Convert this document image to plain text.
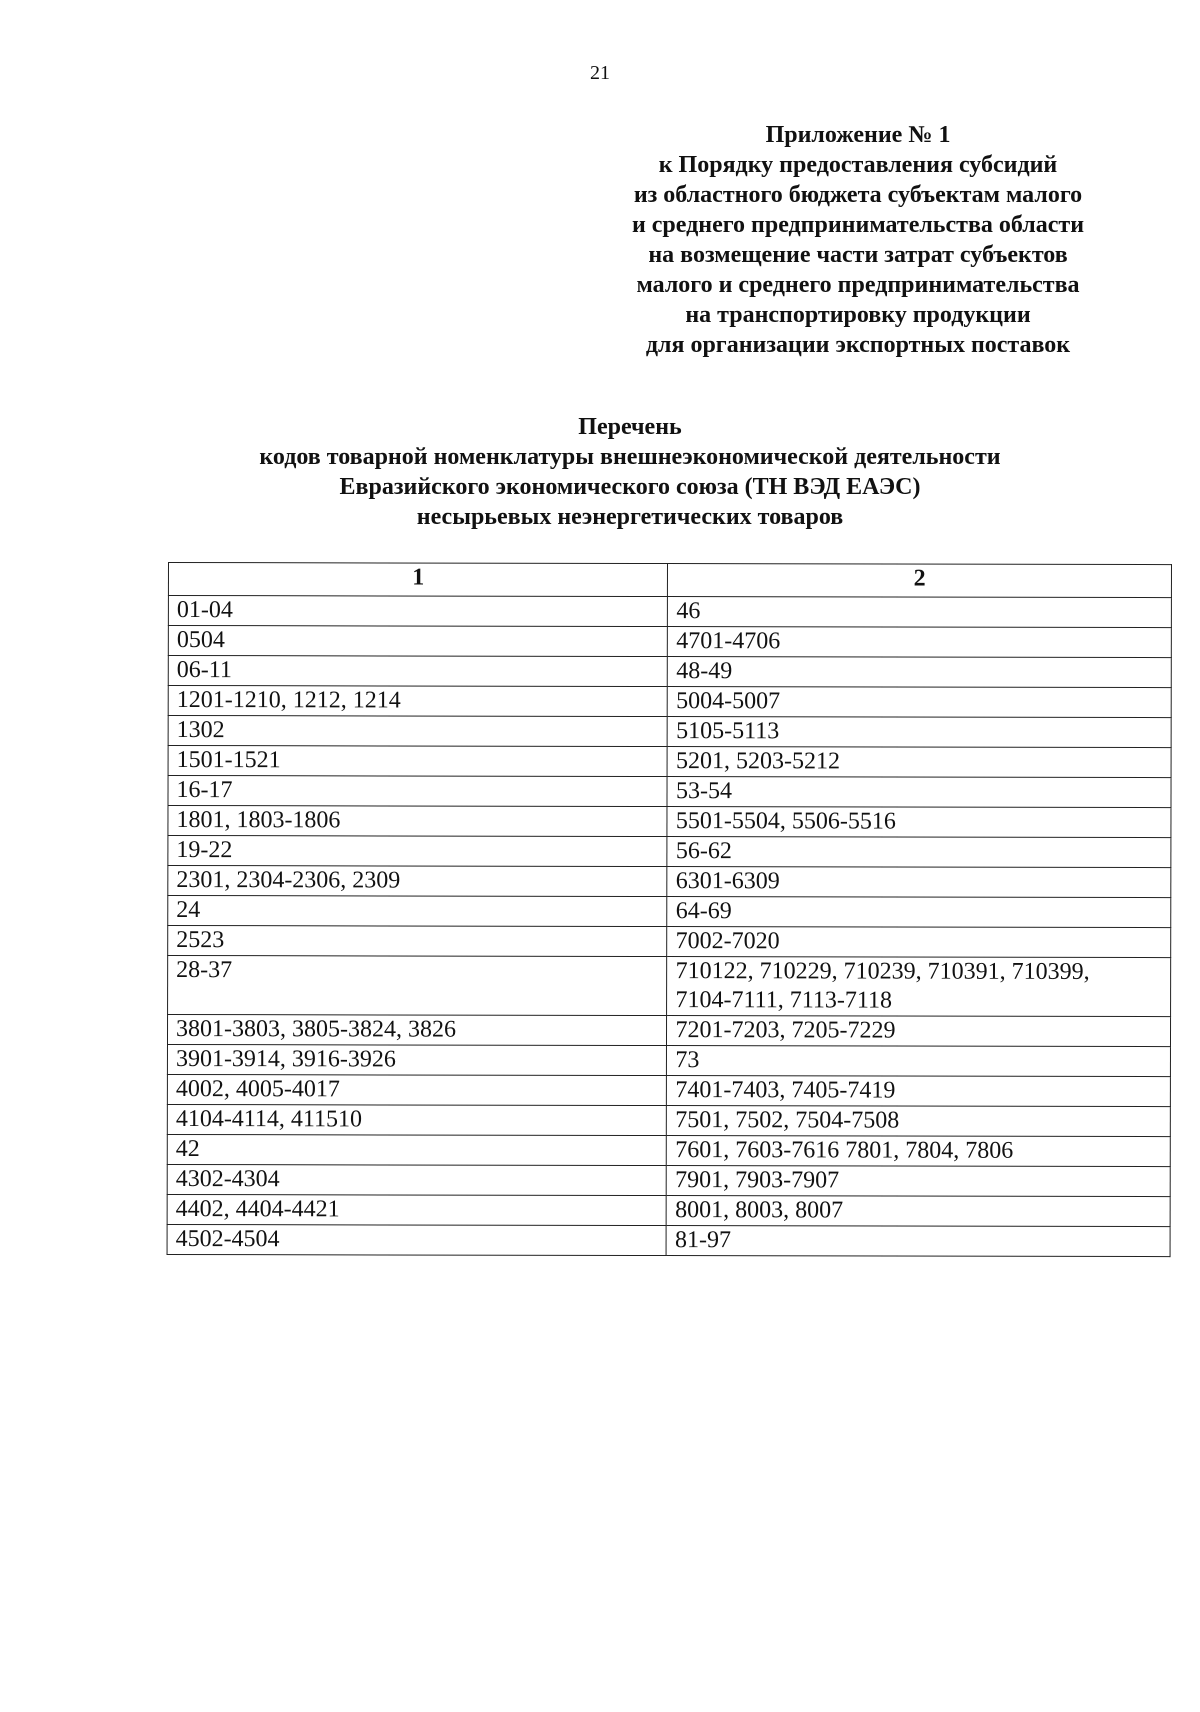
21
Приложение № 1
к Порядку предоставления субсидий
из областного бюджета субъектам малого
и среднего предпринимательства области
на возмещение части затрат субъектов
малого и среднего предпринимательства
на транспортировку продукции
для организации экспортных поставок
Перечень
кодов товарной номенклатуры внешнеэкономической деятельности
Евразийского экономического союза (ТН ВЭД ЕАЭС)
несырьевых неэнергетических товаров
1	2
01-04	46
0504	4701-4706
06-11	48-49
1201-1210, 1212, 1214	5004-5007
1302	5105-5113
1501-1521	5201, 5203-5212
16-17	53-54
1801, 1803-1806	5501-5504, 5506-5516
19-22	56-62
2301, 2304-2306, 2309	6301-6309
24	64-69
2523	7002-7020
28-37	710122, 710229, 710239, 710391, 710399,
7104-7111, 7113-7118
3801-3803, 3805-3824, 3826	7201-7203, 7205-7229
3901-3914, 3916-3926	73
4002, 4005-4017	7401-7403, 7405-7419
4104-4114, 411510	7501, 7502, 7504-7508
42	7601, 7603-7616 7801, 7804, 7806
4302-4304	7901, 7903-7907
4402, 4404-4421	8001, 8003, 8007
4502-4504	81-97
